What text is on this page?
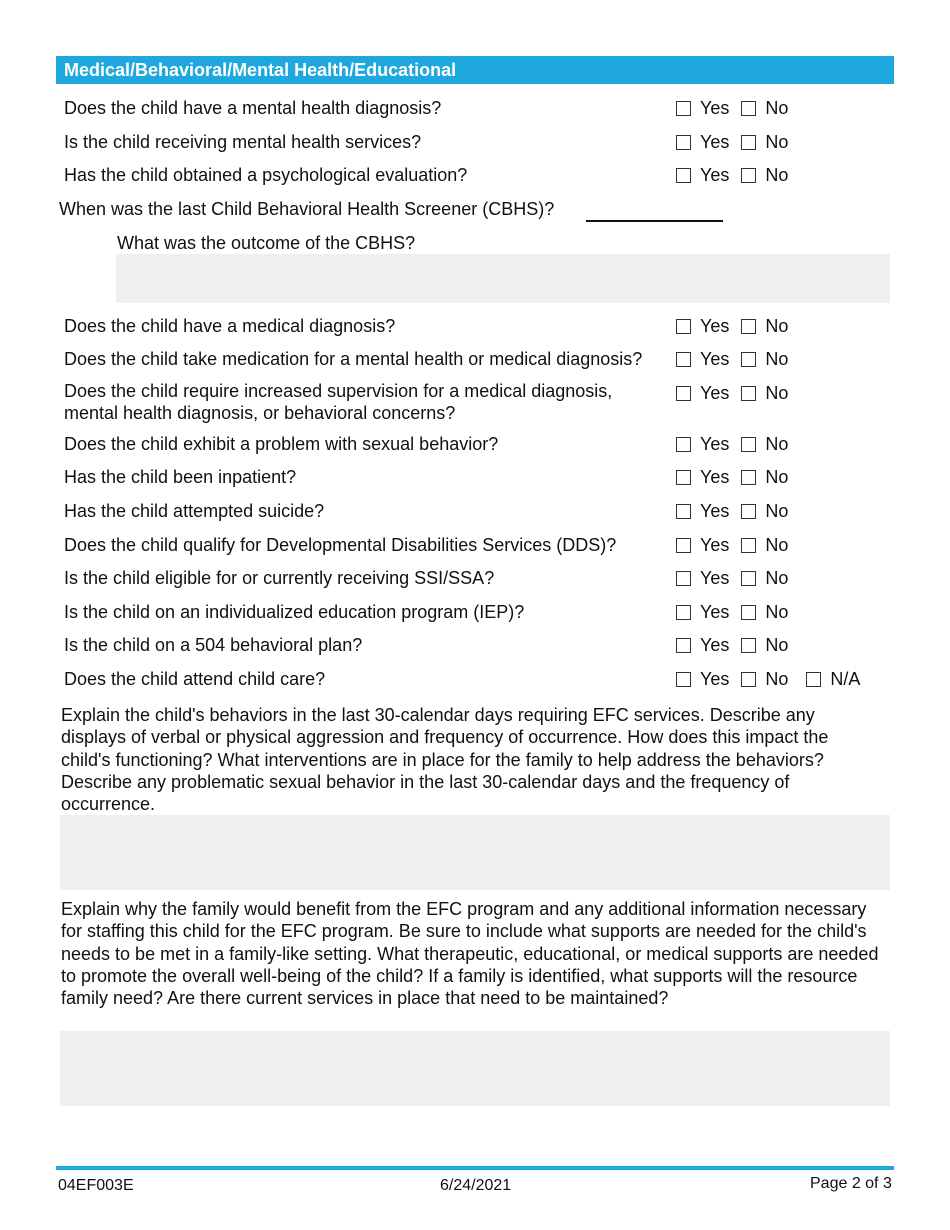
Medical/Behavioral/Mental Health/Educational
Does the child have a mental health diagnosis?	Yes No
Is the child receiving mental health services?	Yes No
Has the child obtained a psychological evaluation?	Yes No
When was the last Child Behavioral Health Screener (CBHS)?
What was the outcome of the CBHS?
Does the child have a medical diagnosis?	Yes No
Does the child take medication for a mental health or medical diagnosis?	Yes No
Does the child require increased supervision for a medical diagnosis,
mental health diagnosis, or behavioral concerns?
Yes No
Does the child exhibit a problem with sexual behavior?	Yes No
Has the child been inpatient?	Yes No
Has the child attempted suicide?	Yes No
Does the child qualify for Developmental Disabilities Services (DDS)?	Yes No
Is the child eligible for or currently receiving SSI/SSA?	Yes No
Is the child on an individualized education program (IEP)?	Yes No
Is the child on a 504 behavioral plan?	Yes No
Does the child attend child care?	Yes No N/A
Explain the child's behaviors in the last 30-calendar days requiring EFC services. Describe any displays of verbal or physical aggression and frequency of occurrence. How does this impact the child's functioning? What interventions are in place for the family to help address the behaviors? Describe any problematic sexual behavior in the last 30-calendar days and the frequency of occurrence.
Explain why the family would benefit from the EFC program and any additional information necessary for staffing this child for the EFC program. Be sure to include what supports are needed for the child's needs to be met in a family-like setting. What therapeutic, educational, or medical supports are needed to promote the overall well-being of the child? If a family is identified, what supports will the resource family need? Are there current services in place that need to be maintained?
04EF003E	6/24/2021	Page 2 of 3
